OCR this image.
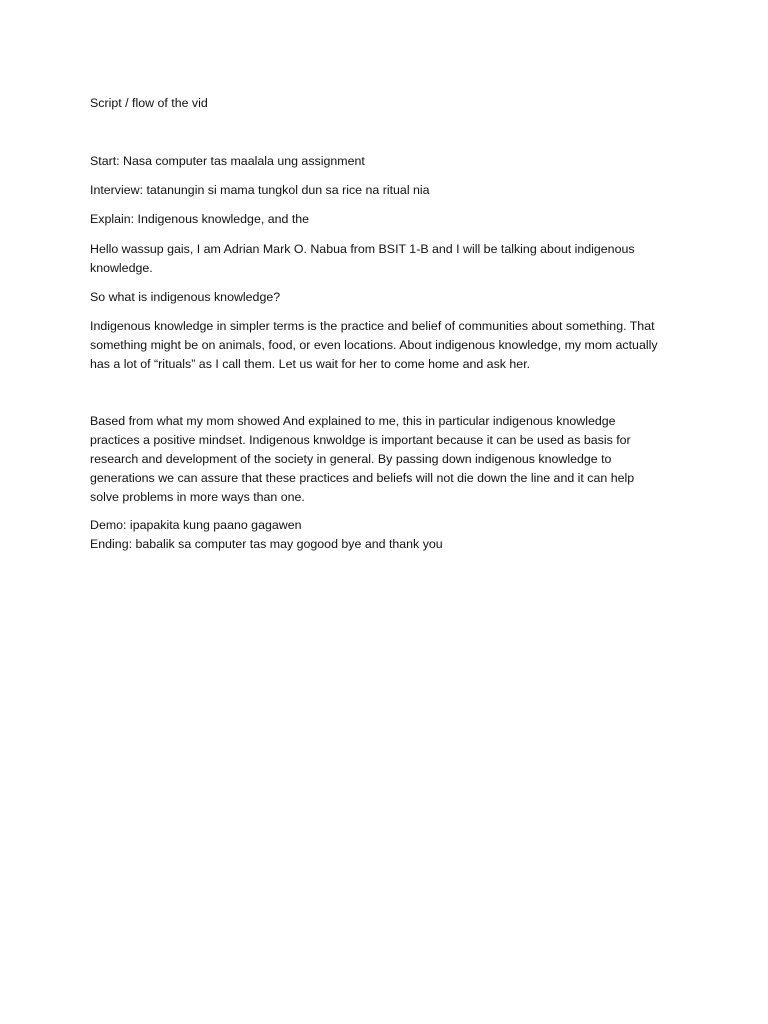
Script / flow of the vid

Start: Nasa computer tas maalala ung assignment

Interview: tatanungin si mama tungkol dun sa rice na ritual nia

Explain: Indigenous knowledge, and the

Hello wassup gais, I am Adrian Mark O. Nabua from BSIT 1-B and I will be talking about indigenous

knowledge.

So what is indigenous knowledge?

Indigenous knowledge in simpler terms is the practice and belief of communities about something. That

something might be on animals, food, or even locations. About indigenous knowledge, my mom actually

has a lot of “rituals” as I call them. Let us wait for her to come home and ask her.

Based from what my mom showed And explained to me, this in particular indigenous knowledge

practices a positive mindset. Indigenous knwoldge is important because it can be used as basis for

research and development of the society in general. By passing down indigenous knowledge to

generations we can assure that these practices and beliefs will not die down the line and it can help

solve problems in more ways than one.

Demo: ipapakita kung paano gagawen

Ending: babalik sa computer tas may gogood bye and thank you
